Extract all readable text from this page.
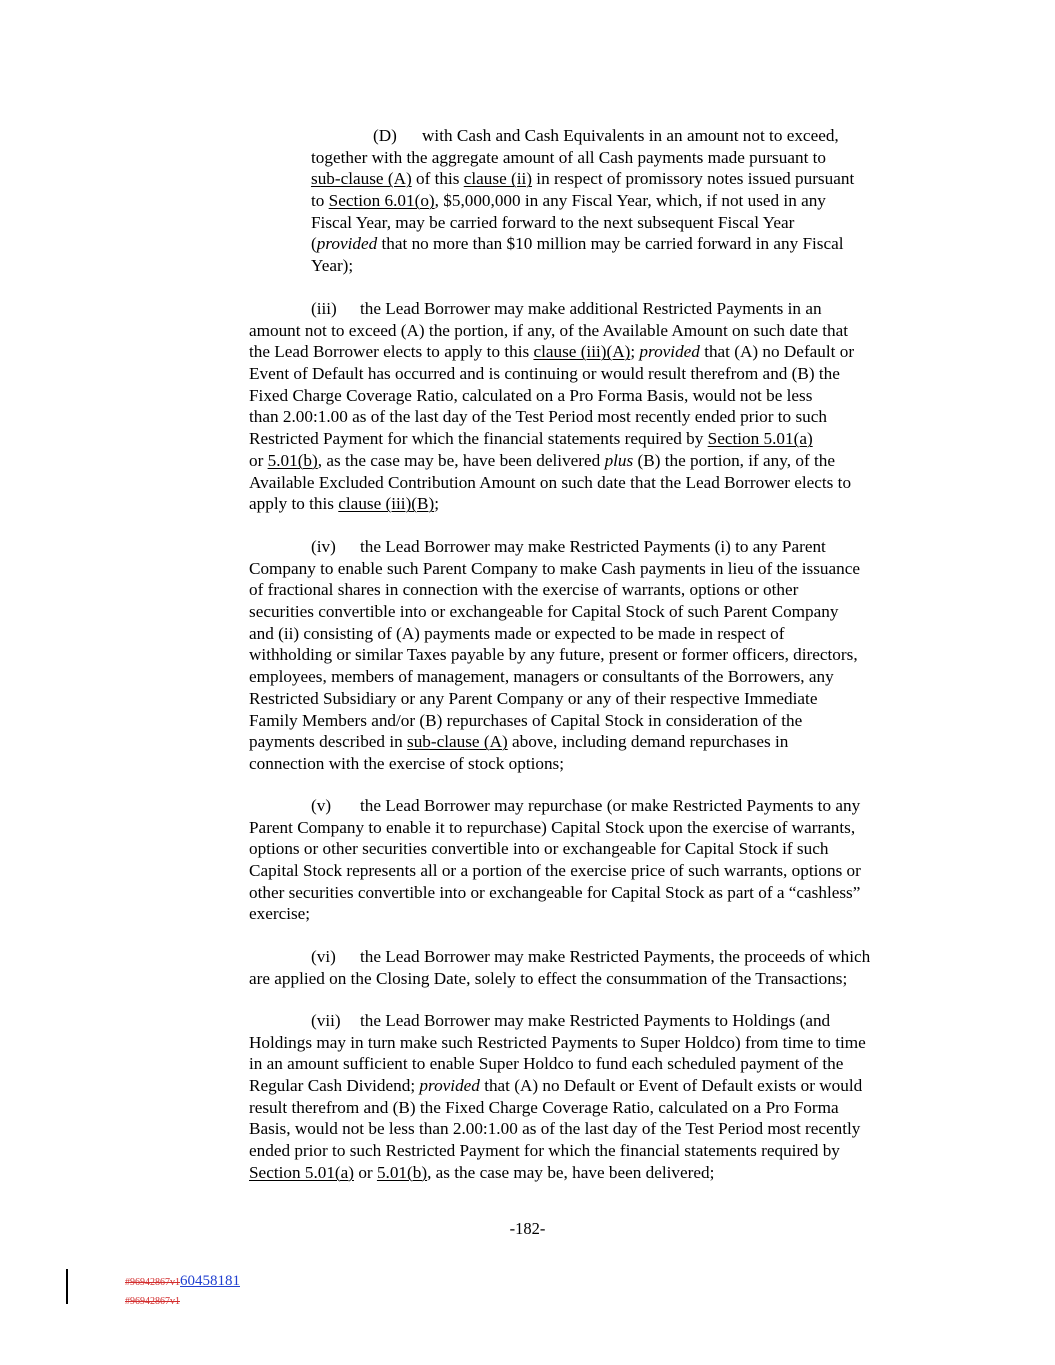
(D) with Cash and Cash Equivalents in an amount not to exceed,
together with the aggregate amount of all Cash payments made pursuant to
sub-clause (A) of this clause (ii) in respect of promissory notes issued pursuant
to Section 6.01(o), $5,000,000 in any Fiscal Year, which, if not used in any
Fiscal Year, may be carried forward to the next subsequent Fiscal Year
(provided that no more than $10 million may be carried forward in any Fiscal
Year);
(iii) the Lead Borrower may make additional Restricted Payments in an
amount not to exceed (A) the portion, if any, of the Available Amount on such date that
the Lead Borrower elects to apply to this clause (iii)(A); provided that (A) no Default or
Event of Default has occurred and is continuing or would result therefrom and (B) the
Fixed Charge Coverage Ratio, calculated on a Pro Forma Basis, would not be less
than 2.00:1.00 as of the last day of the Test Period most recently ended prior to such
Restricted Payment for which the financial statements required by Section 5.01(a)
or 5.01(b), as the case may be, have been delivered plus (B) the portion, if any, of the
Available Excluded Contribution Amount on such date that the Lead Borrower elects to
apply to this clause (iii)(B);
(iv) the Lead Borrower may make Restricted Payments (i) to any Parent
Company to enable such Parent Company to make Cash payments in lieu of the issuance
of fractional shares in connection with the exercise of warrants, options or other
securities convertible into or exchangeable for Capital Stock of such Parent Company
and (ii) consisting of (A) payments made or expected to be made in respect of
withholding or similar Taxes payable by any future, present or former officers, directors,
employees, members of management, managers or consultants of the Borrowers, any
Restricted Subsidiary or any Parent Company or any of their respective Immediate
Family Members and/or (B) repurchases of Capital Stock in consideration of the
payments described in sub-clause (A) above, including demand repurchases in
connection with the exercise of stock options;
(v) the Lead Borrower may repurchase (or make Restricted Payments to any
Parent Company to enable it to repurchase) Capital Stock upon the exercise of warrants,
options or other securities convertible into or exchangeable for Capital Stock if such
Capital Stock represents all or a portion of the exercise price of such warrants, options or
other securities convertible into or exchangeable for Capital Stock as part of a “cashless”
exercise;
(vi) the Lead Borrower may make Restricted Payments, the proceeds of which
are applied on the Closing Date, solely to effect the consummation of the Transactions;
(vii) the Lead Borrower may make Restricted Payments to Holdings (and
Holdings may in turn make such Restricted Payments to Super Holdco) from time to time
in an amount sufficient to enable Super Holdco to fund each scheduled payment of the
Regular Cash Dividend; provided that (A) no Default or Event of Default exists or would
result therefrom and (B) the Fixed Charge Coverage Ratio, calculated on a Pro Forma
Basis, would not be less than 2.00:1.00 as of the last day of the Test Period most recently
ended prior to such Restricted Payment for which the financial statements required by
Section 5.01(a) or 5.01(b), as the case may be, have been delivered;
-182-
#96942867v160458181
#96942867v1
